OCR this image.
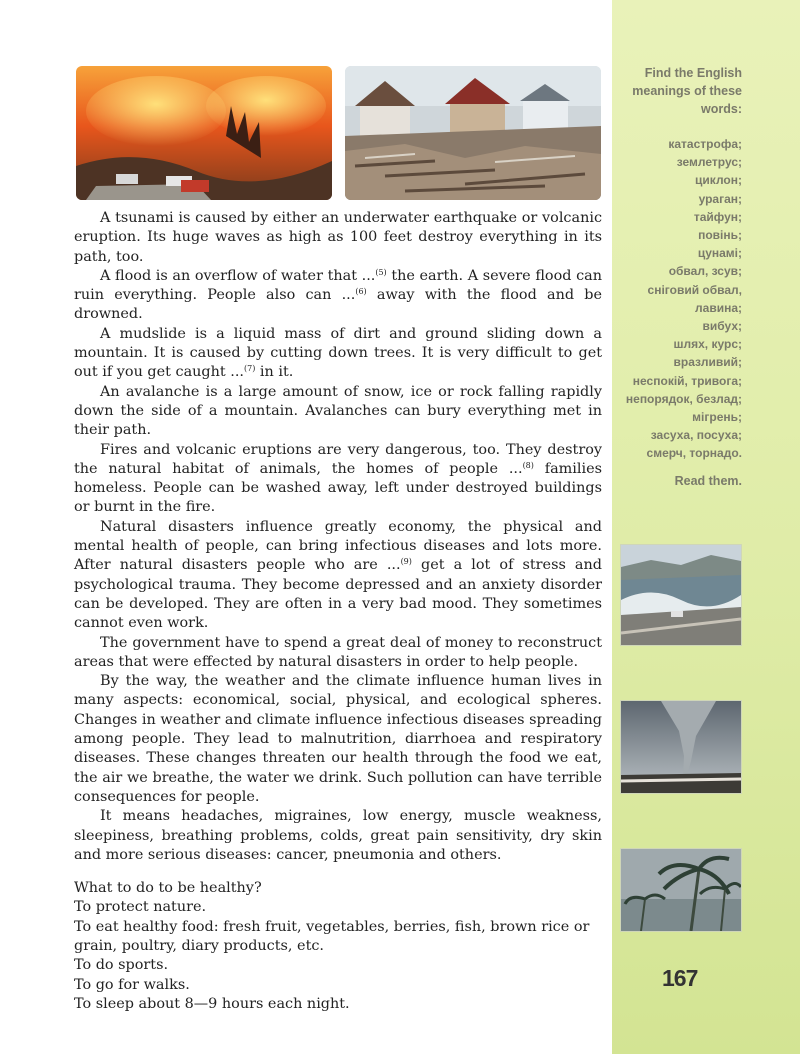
A tsunami is caused by either an underwater earthquake or volcanic eruption. Its huge waves as high as 100 feet destroy everything in its path, too.

A flood is an overflow of water that ...$^{(5)}$ the earth. A severe flood can ruin everything. People also can ...$^{(6)}$ away with the flood and be drowned.

A mudslide is a liquid mass of dirt and ground sliding down a mountain. It is caused by cutting down trees. It is very difficult to get out if you get caught ...$^{(7)}$ in it.

An avalanche is a large amount of snow, ice or rock falling rapidly down the side of a mountain. Avalanches can bury everything met in their path.

Fires and volcanic eruptions are very dangerous, too. They destroy the natural habitat of animals, the homes of people ...$^{(8)}$ families homeless. People can be washed away, left under destroyed buildings or burnt in the fire.

Natural disasters influence greatly economy, the physical and mental health of people, can bring infectious diseases and lots more. After natural disasters people who are ...$^{(9)}$ get a lot of stress and psychological trauma. They become depressed and an anxiety disorder can be developed. They are often in a very bad mood. They sometimes cannot even work.

The government have to spend a great deal of money to reconstruct areas that were effected by natural disasters in order to help people.

By the way, the weather and the climate influence human lives in many aspects: economical, social, physical, and ecological spheres. Changes in weather and climate influence infectious diseases spreading among people. They lead to malnutrition, diarrhoea and respiratory diseases. These changes threaten our health through the food we eat, the air we breathe, the water we drink. Such pollution can have terrible consequences for people.

It means headaches, migraines, low energy, muscle weakness, sleepiness, breathing problems, colds, great pain sensitivity, dry skin and more serious diseases: cancer, pneumonia and others.

What to do to be healthy?
To protect nature.
To eat healthy food: fresh fruit, vegetables, berries, fish, brown rice or grain, poultry, diary products, etc.
To do sports.
To go for walks.
To sleep about 8—9 hours each night.
Find the English
meanings of these
words:
катастрофа;
землетрус;
циклон;
ураган;
тайфун;
повінь;
цунамі;
обвал, зсув;
сніговий обвал,
лавина;
вибух;
шлях, курс;
вразливий;
неспокій, тривога;
непорядок, безлад;
мігрень;
засуха, посуха;
смерч, торнадо.
Read them.
167
